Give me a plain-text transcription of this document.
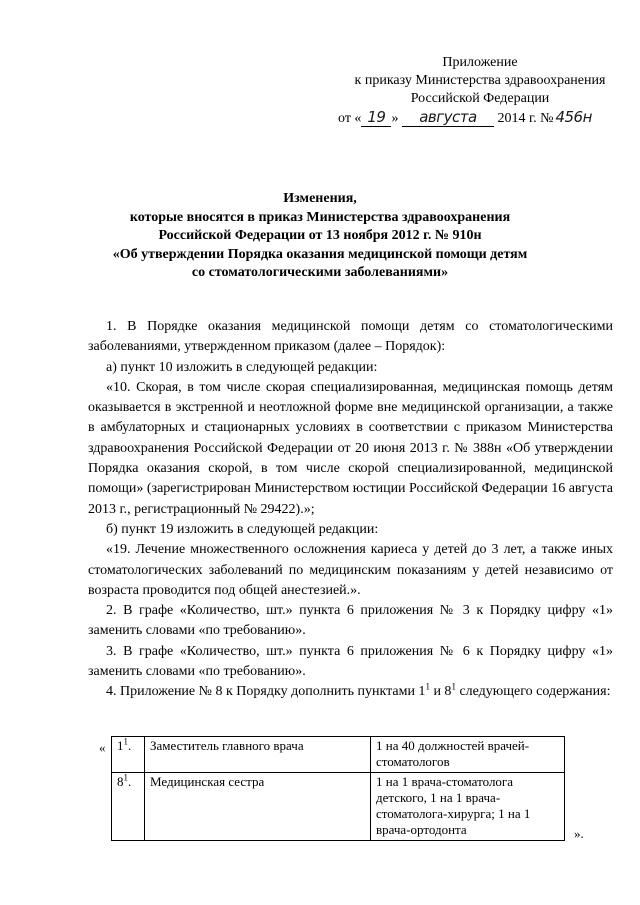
Приложение
к приказу Министерства здравоохранения
Российской Федерации
от « 19 » августа 2014 г. № 456н
Изменения,
которые вносятся в приказ Министерства здравоохранения
Российской Федерации от 13 ноября 2012 г. № 910н
«Об утверждении Порядка оказания медицинской помощи детям
со стоматологическими заболеваниями»

1. В Порядке оказания медицинской помощи детям со стоматологическими заболеваниями, утвержденном приказом (далее – Порядок):

а) пункт 10 изложить в следующей редакции:

«10. Скорая, в том числе скорая специализированная, медицинская помощь детям оказывается в экстренной и неотложной форме вне медицинской организации, а также в амбулаторных и стационарных условиях в соответствии с приказом Министерства здравоохранения Российской Федерации от 20 июня 2013 г. № 388н «Об утверждении Порядка оказания скорой, в том числе скорой специализированной, медицинской помощи» (зарегистрирован Министерством юстиции Российской Федерации 16 августа 2013 г., регистрационный № 29422).»;

б) пункт 19 изложить в следующей редакции:

«19. Лечение множественного осложнения кариеса у детей до 3 лет, а также иных стоматологических заболеваний по медицинским показаниям у детей независимо от возраста проводится под общей анестезией.».

2. В графе «Количество, шт.» пункта 6 приложения № 3 к Порядку цифру «1» заменить словами «по требованию».

3. В графе «Количество, шт.» пункта 6 приложения № 6 к Порядку цифру «1» заменить словами «по требованию».

4. Приложение № 8 к Порядку дополнить пунктами $1^1$ и $8^1$ следующего содержания:

« $1^1$.	Заместитель главного врача	1 на 40 должностей врачей-стоматологов
$8^1$.	Медицинская сестра	1 на 1 врача-стоматолога детского, 1 на 1 врача-стоматолога-хирурга; 1 на 1 врача-ортодонта	».
